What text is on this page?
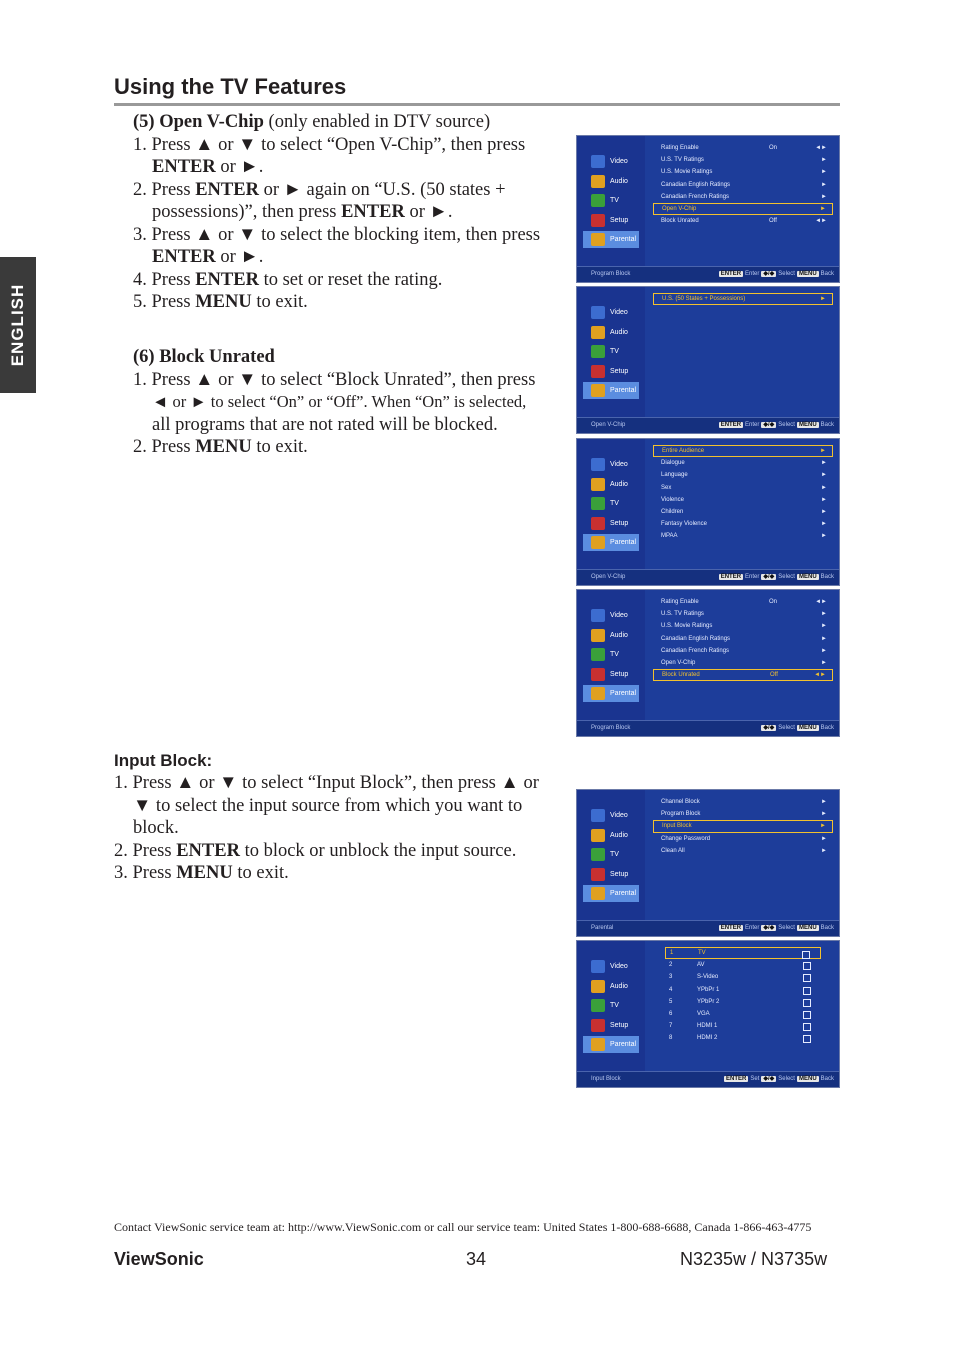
Using the TV Features
ENGLISH
(5) Open V-Chip (only enabled in DTV source)
1. Press ▲ or ▼ to select “Open V-Chip”, then press
ENTER or ►.
2. Press ENTER or ► again on “U.S. (50 states +
possessions)”, then press ENTER or ►.
3. Press ▲ or ▼ to select the blocking item, then press
ENTER or ►.
4. Press ENTER to set or reset the rating.
5. Press MENU to exit.
(6) Block Unrated
1. Press ▲ or ▼ to select “Block Unrated”, then press
◄ or ► to select “On” or “Off”. When “On” is selected,
all programs that are not rated will be blocked.
2. Press MENU to exit.
Input Block:
1. Press ▲ or ▼ to select “Input Block”, then press ▲ or
▼ to select the input source from which you want to
block.
2. Press ENTER to block or unblock the input source.
3. Press MENU to exit.
Video
Audio
TV
Setup
Parental
Rating Enable	On	◄►
U.S. TV Ratings	►
U.S. Movie Ratings	►
Canadian English Ratings	►
Canadian French Ratings	►
Open V-Chip	►
Block Unrated	Off	◄►
Program Block	ENTER Enter ◆/◆ Select MENU Back
Video
Audio
TV
Setup
Parental
U.S. (50 States + Possessions)	►
Open V-Chip	ENTER Enter ◆/◆ Select MENU Back
Video
Audio
TV
Setup
Parental
Entire Audience	►
Dialogue	►
Language	►
Sex	►
Violence	►
Children	►
Fantasy Violence	►
MPAA	►
Open V-Chip	ENTER Enter ◆/◆ Select MENU Back
Video
Audio
TV
Setup
Parental
Rating Enable	On	◄►
U.S. TV Ratings	►
U.S. Movie Ratings	►
Canadian English Ratings	►
Canadian French Ratings	►
Open V-Chip	►
Block Unrated	Off	◄►
Program Block	◆/◆ Select MENU Back
Video
Audio
TV
Setup
Parental
Channel Block	►
Program Block	►
Input Block	►
Change Password	►
Clean All	►
Parental	ENTER Enter ◆/◆ Select MENU Back
Video
Audio
TV
Setup
Parental
1	TV
2	AV
3	S-Video
4	YPbPr 1
5	YPbPr 2
6	VGA
7	HDMI 1
8	HDMI 2
Input Block	ENTER Set ◆/◆ Select MENU Back
Contact ViewSonic service team at: http://www.ViewSonic.com or call our service team: United States 1-800-688-6688, Canada 1-866-463-4775
ViewSonic	34	N3235w / N3735w
